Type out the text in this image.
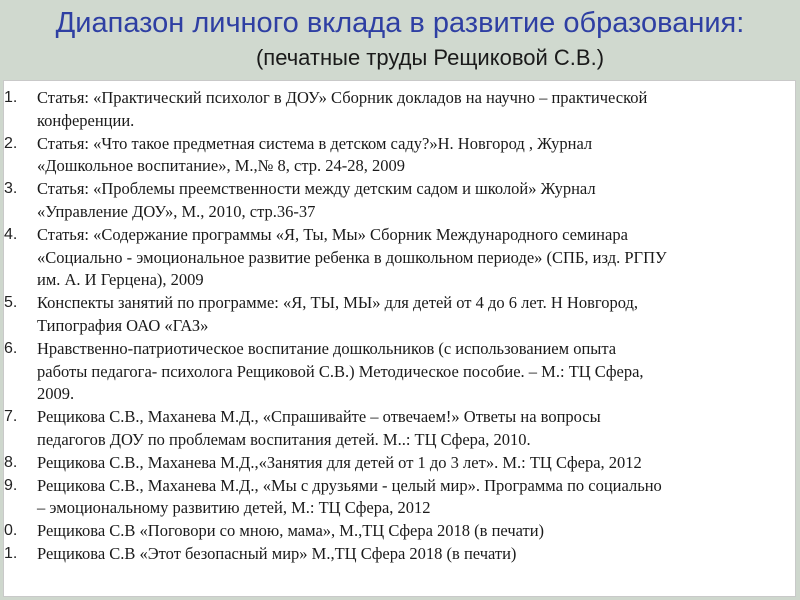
Диапазон личного вклада в развитие образования:
(печатные труды Рещиковой С.В.)
1.	Статья: «Практический психолог в ДОУ» Сборник докладов на научно – практической
конференции.
2.	Статья: «Что такое предметная система в детском саду?»Н. Новгород , Журнал
«Дошкольное воспитание», М.,№ 8, стр. 24-28, 2009
3.	Статья: «Проблемы преемственности между детским садом и школой» Журнал
«Управление ДОУ», М., 2010, стр.36-37
4.	Статья: «Содержание программы «Я, Ты, Мы» Сборник Международного семинара
«Социально - эмоциональное развитие ребенка в дошкольном периоде» (СПБ, изд. РГПУ
им. А. И Герцена), 2009
5.	Конспекты занятий по программе: «Я, ТЫ, МЫ» для детей от 4 до 6 лет. Н Новгород,
Типография ОАО «ГАЗ»
6.	Нравственно-патриотическое воспитание дошкольников (с использованием опыта
работы педагога- психолога Рещиковой С.В.) Методическое пособие. – М.: ТЦ Сфера,
2009.
7.	Рещикова С.В., Маханева М.Д., «Спрашивайте – отвечаем!» Ответы на вопросы
педагогов ДОУ по проблемам воспитания детей. М..: ТЦ Сфера, 2010.
8.	Рещикова С.В., Маханева М.Д.,«Занятия для детей от 1 до 3 лет». М.: ТЦ Сфера, 2012
9.	Рещикова С.В., Маханева М.Д., «Мы с друзьями - целый мир». Программа по социально
– эмоциональному развитию детей, М.: ТЦ Сфера, 2012
0.	Рещикова С.В «Поговори со мною, мама», М.,ТЦ Сфера 2018 (в печати)
1.	Рещикова С.В «Этот безопасный мир» М.,ТЦ Сфера 2018 (в печати)
